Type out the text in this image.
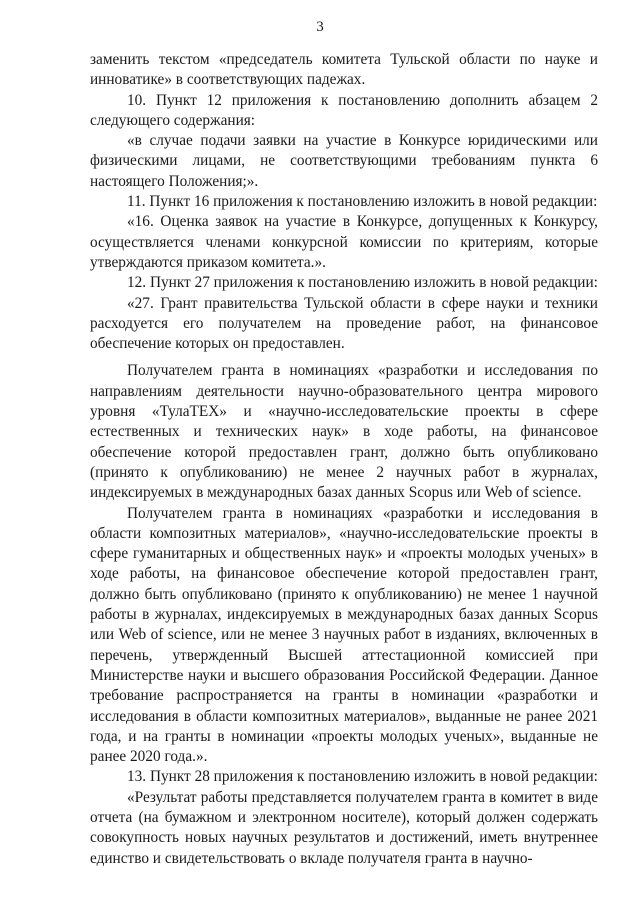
3

заменить текстом «председатель комитета Тульской области по науке и инноватике» в соответствующих падежах.

10. Пункт 12 приложения к постановлению дополнить абзацем 2 следующего содержания:

«в случае подачи заявки на участие в Конкурсе юридическими или физическими лицами, не соответствующими требованиям пункта 6 настоящего Положения;».

11. Пункт 16 приложения к постановлению изложить в новой редакции:

«16. Оценка заявок на участие в Конкурсе, допущенных к Конкурсу, осуществляется членами конкурсной комиссии по критериям, которые утверждаются приказом комитета.».

12. Пункт 27 приложения к постановлению изложить в новой редакции:

«27. Грант правительства Тульской области в сфере науки и техники расходуется его получателем на проведение работ, на финансовое обеспечение которых он предоставлен.

Получателем гранта в номинациях «разработки и исследования по направлениям деятельности научно-образовательного центра мирового уровня «ТулаТЕХ» и «научно-исследовательские проекты в сфере естественных и технических наук» в ходе работы, на финансовое обеспечение которой предоставлен грант, должно быть опубликовано (принято к опубликованию) не менее 2 научных работ в журналах, индексируемых в международных базах данных Scopus или Web of science.

Получателем гранта в номинациях «разработки и исследования в области композитных материалов», «научно-исследовательские проекты в сфере гуманитарных и общественных наук» и «проекты молодых ученых» в ходе работы, на финансовое обеспечение которой предоставлен грант, должно быть опубликовано (принято к опубликованию) не менее 1 научной работы в журналах, индексируемых в международных базах данных Scopus или Web of science, или не менее 3 научных работ в изданиях, включенных в перечень, утвержденный Высшей аттестационной комиссией при Министерстве науки и высшего образования Российской Федерации. Данное требование распространяется на гранты в номинации «разработки и исследования в области композитных материалов», выданные не ранее 2021 года, и на гранты в номинации «проекты молодых ученых», выданные не ранее 2020 года.».

13. Пункт 28 приложения к постановлению изложить в новой редакции:

«Результат работы представляется получателем гранта в комитет в виде отчета (на бумажном и электронном носителе), который должен содержать совокупность новых научных результатов и достижений, иметь внутреннее единство и свидетельствовать о вкладе получателя гранта в научно-
